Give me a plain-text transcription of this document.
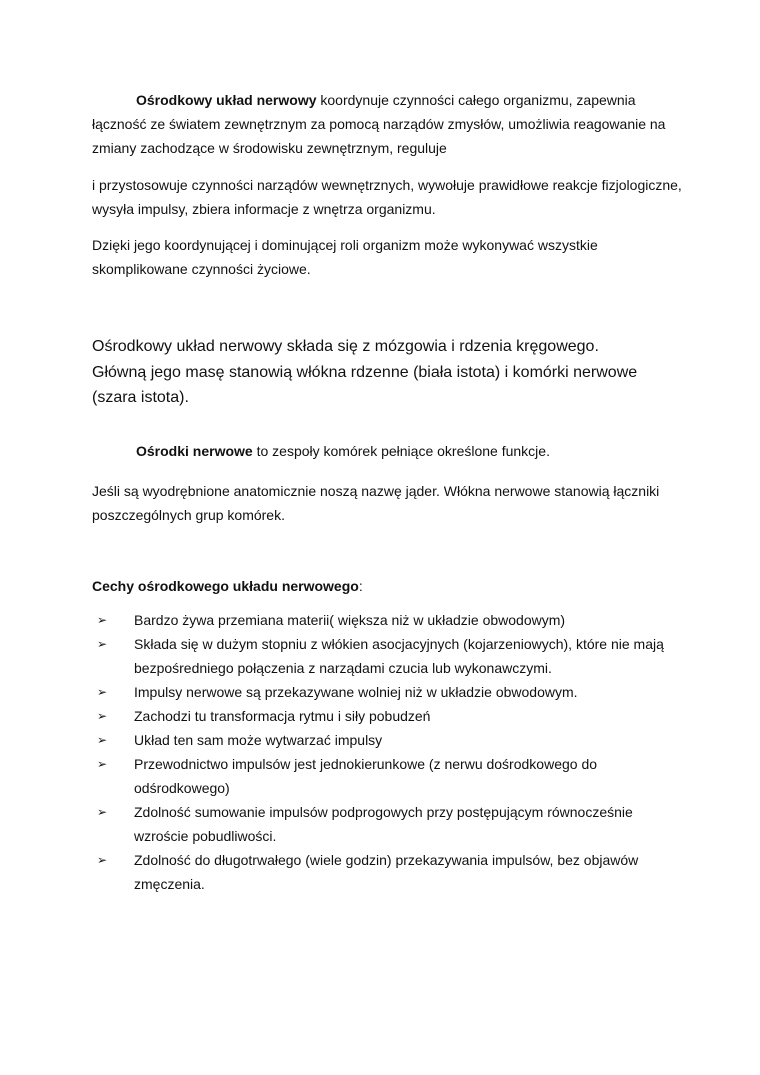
Ośrodkowy układ nerwowy koordynuje czynności całego organizmu, zapewnia łączność ze światem zewnętrznym za pomocą narządów zmysłów, umożliwia reagowanie na zmiany zachodzące w środowisku zewnętrznym, reguluje

i przystosowuje czynności narządów wewnętrznych, wywołuje prawidłowe reakcje fizjologiczne, wysyła impulsy, zbiera informacje z wnętrza organizmu.

Dzięki jego koordynującej i dominującej roli organizm może wykonywać wszystkie skomplikowane czynności życiowe.

Ośrodkowy układ nerwowy składa się z mózgowia i rdzenia kręgowego.
Główną jego masę stanowią włókna rdzenne (biała istota) i komórki nerwowe (szara istota).

Ośrodki nerwowe to zespoły komórek pełniące określone funkcje.

Jeśli są wyodrębnione anatomicznie noszą nazwę jąder. Włókna nerwowe stanowią łączniki poszczególnych grup komórek.

Cechy ośrodkowego układu nerwowego:

➢ Bardzo żywa przemiana materii( większa niż w układzie obwodowym)
➢ Składa się w dużym stopniu z włókien asocjacyjnych (kojarzeniowych), które nie mają bezpośredniego połączenia z narządami czucia lub wykonawczymi.
➢ Impulsy nerwowe są przekazywane wolniej niż w układzie obwodowym.
➢ Zachodzi tu transformacja rytmu i siły pobudzeń
➢ Układ ten sam może wytwarzać impulsy
➢ Przewodnictwo impulsów jest jednokierunkowe (z nerwu dośrodkowego do odśrodkowego)
➢ Zdolność sumowanie impulsów podprogowych przy postępującym równocześnie wzroście pobudliwości.
➢ Zdolność do długotrwałego (wiele godzin) przekazywania impulsów, bez objawów zmęczenia.
